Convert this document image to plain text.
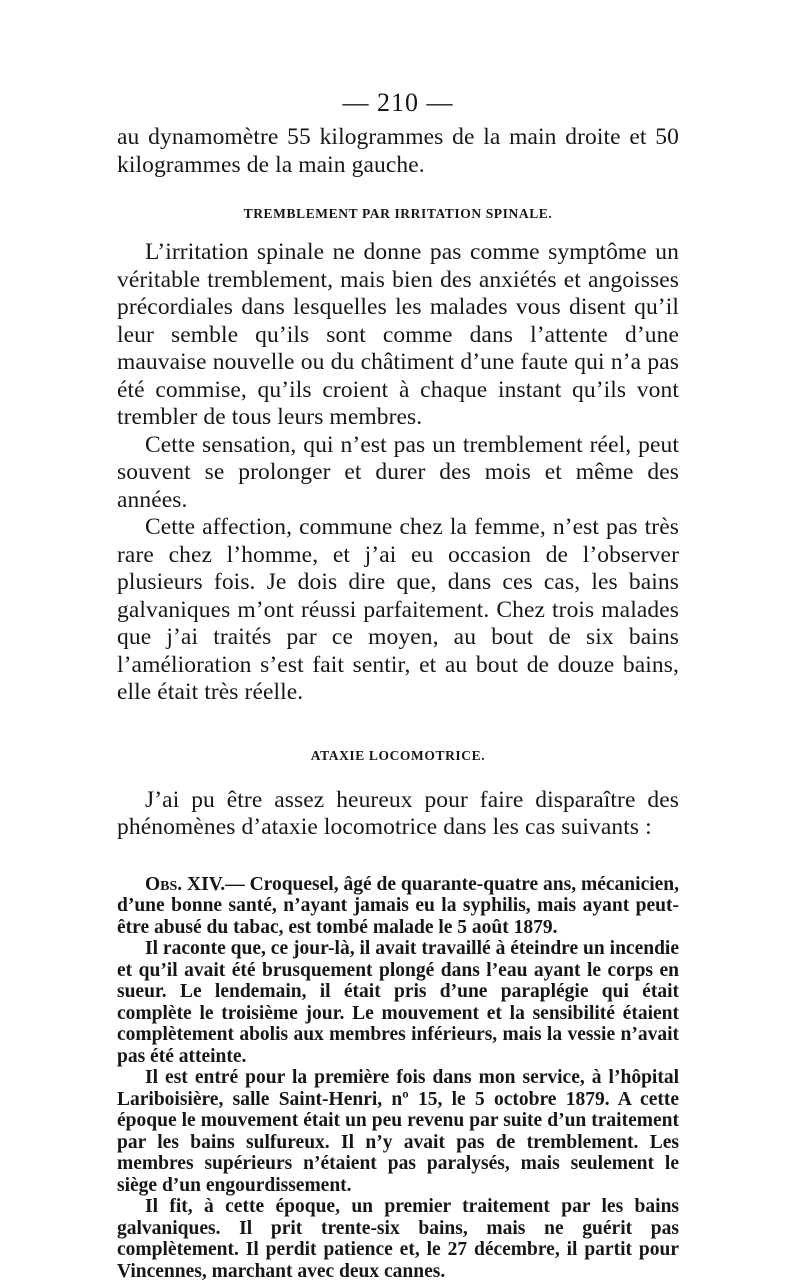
— 210 —

au dynamomètre 55 kilogrammes de la main droite et 50 kilogrammes de la main gauche.

TREMBLEMENT PAR IRRITATION SPINALE.

L’irritation spinale ne donne pas comme symptôme un véritable tremblement, mais bien des anxiétés et angoisses précordiales dans lesquelles les malades vous disent qu’il leur semble qu’ils sont comme dans l’attente d’une mauvaise nouvelle ou du châtiment d’une faute qui n’a pas été commise, qu’ils croient à chaque instant qu’ils vont trembler de tous leurs membres.

Cette sensation, qui n’est pas un tremblement réel, peut souvent se prolonger et durer des mois et même des années.

Cette affection, commune chez la femme, n’est pas très rare chez l’homme, et j’ai eu occasion de l’observer plusieurs fois. Je dois dire que, dans ces cas, les bains galvaniques m’ont réussi parfaitement. Chez trois malades que j’ai traités par ce moyen, au bout de six bains l’amélioration s’est fait sentir, et au bout de douze bains, elle était très réelle.

ATAXIE LOCOMOTRICE.

J’ai pu être assez heureux pour faire disparaître des phénomènes d’ataxie locomotrice dans les cas suivants :

Obs. XIV.— Croquesel, âgé de quarante-quatre ans, mécanicien, d’une bonne santé, n’ayant jamais eu la syphilis, mais ayant peut-être abusé du tabac, est tombé malade le 5 août 1879.

Il raconte que, ce jour-là, il avait travaillé à éteindre un incendie et qu’il avait été brusquement plongé dans l’eau ayant le corps en sueur. Le lendemain, il était pris d’une paraplégie qui était complète le troisième jour. Le mouvement et la sensibilité étaient complètement abolis aux membres inférieurs, mais la vessie n’avait pas été atteinte.

Il est entré pour la première fois dans mon service, à l’hôpital Lariboisière, salle Saint-Henri, nº 15, le 5 octobre 1879. A cette époque le mouvement était un peu revenu par suite d’un traitement par les bains sulfureux. Il n’y avait pas de tremblement. Les membres supérieurs n’étaient pas paralysés, mais seulement le siège d’un engourdissement.

Il fit, à cette époque, un premier traitement par les bains galvaniques. Il prit trente-six bains, mais ne guérit pas complètement. Il perdit patience et, le 27 décembre, il partit pour Vincennes, marchant avec deux cannes.
